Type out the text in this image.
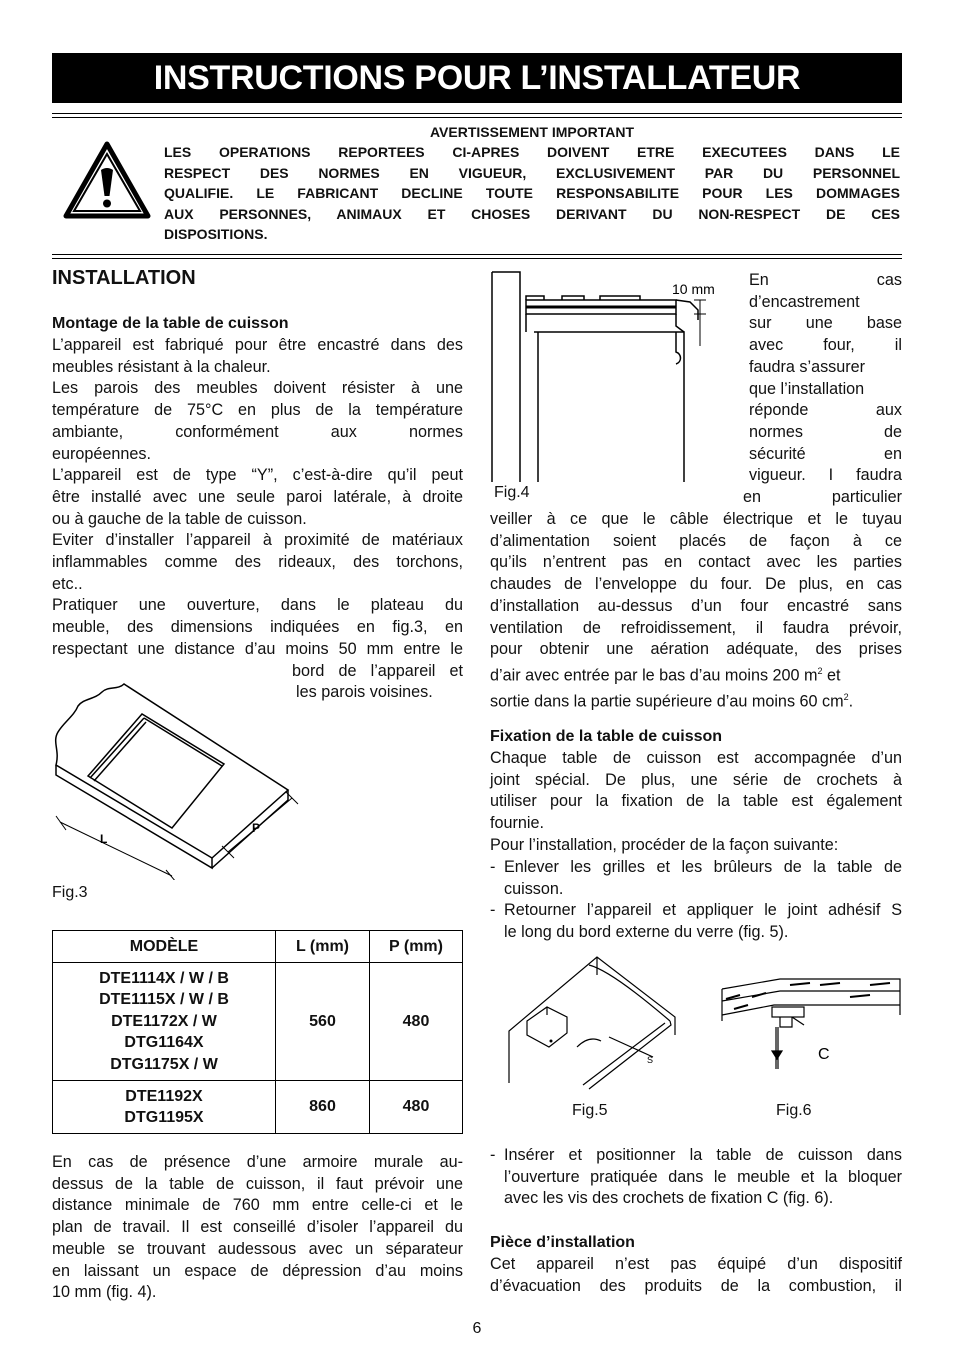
INSTRUCTIONS POUR L’INSTALLATEUR
AVERTISSEMENT IMPORTANT
LES OPERATIONS REPORTEES CI-APRES DOIVENT ETRE EXECUTEES DANS LE
RESPECT DES NORMES EN VIGUEUR, EXCLUSIVEMENT PAR DU PERSONNEL
QUALIFIE. LE FABRICANT DECLINE TOUTE RESPONSABILITE POUR LES DOMMAGES
AUX PERSONNES, ANIMAUX ET CHOSES DERIVANT DU NON-RESPECT DE CES
DISPOSITIONS.
INSTALLATION
Montage de la table de cuisson
L’appareil est fabriqué pour être encastré dans des
meubles résistant à la chaleur.
Les parois des meubles doivent résister à une
température de 75°C en plus de la température
ambiante, conformément aux normes
européennes.
L’appareil est de type “Y”, c’est-à-dire qu’il peut
être installé avec une seule paroi latérale, à droite
ou à gauche de la table de cuisson.
Eviter d’installer l’appareil à proximité de matériaux
inflammables comme des rideaux, des torchons,
etc..
Pratiquer une ouverture, dans le plateau du
meuble, des dimensions indiquées en fig.3, en
respectant une distance d’au moins 50 mm entre le
bord de l’appareil et
les parois voisines.
L
P
Fig.3
MODÈLE	L (mm)	P (mm)

DTE1114X / W / B
DTE1115X / W / B
DTE1172X / W
DTG1164X
DTG1175X / W	560	480

DTE1192X
DTG1195X	860	480
En cas de présence d’une armoire murale au-
dessus de la table de cuisson, il faut prévoir une
distance minimale de 760 mm entre celle-ci et le
plan de travail. Il est conseillé d’isoler l’appareil du
meuble se trouvant audessous avec un séparateur
en laissant un espace de dépression d’au moins
10 mm (fig. 4).
10 mm
Fig.4
En cas
d’encastrement
sur une base
avec four, il
faudra s’assurer
que l’installation
réponde aux
normes de
sécurité en
vigueur. I faudra
en particulier
veiller à ce que le câble électrique et le tuyau
d’alimentation soient placés de façon à ce
qu’ils n’entrent pas en contact avec les parties
chaudes de l’enveloppe du four. De plus, en cas
d’installation au-dessus d’un four encastré sans
ventilation de refroidissement, il faudra prévoir,
pour obtenir une aération adéquate, des prises
d’air avec entrée par le bas d’au moins 200 $m^2$ et
sortie dans la partie supérieure d’au moins 60 $cm^2$.
Fixation de la table de cuisson
Chaque table de cuisson est accompagnée d’un
joint spécial. De plus, une série de crochets à
utiliser pour la fixation de la table est également
fournie.
Pour l’installation, procéder de la façon suivante:
- Enlever les grilles et les brûleurs de la table de
cuisson.
- Retourner l’appareil et appliquer le joint adhésif S
le long du bord externe du verre (fig. 5).
S
Fig.5
C
Fig.6
- Insérer et positionner la table de cuisson dans
l’ouverture pratiquée dans le meuble et la bloquer
avec les vis des crochets de fixation C (fig. 6).
Pièce d’installation
Cet appareil n’est pas équipé d’un dispositif
d’évacuation des produits de la combustion, il
6
